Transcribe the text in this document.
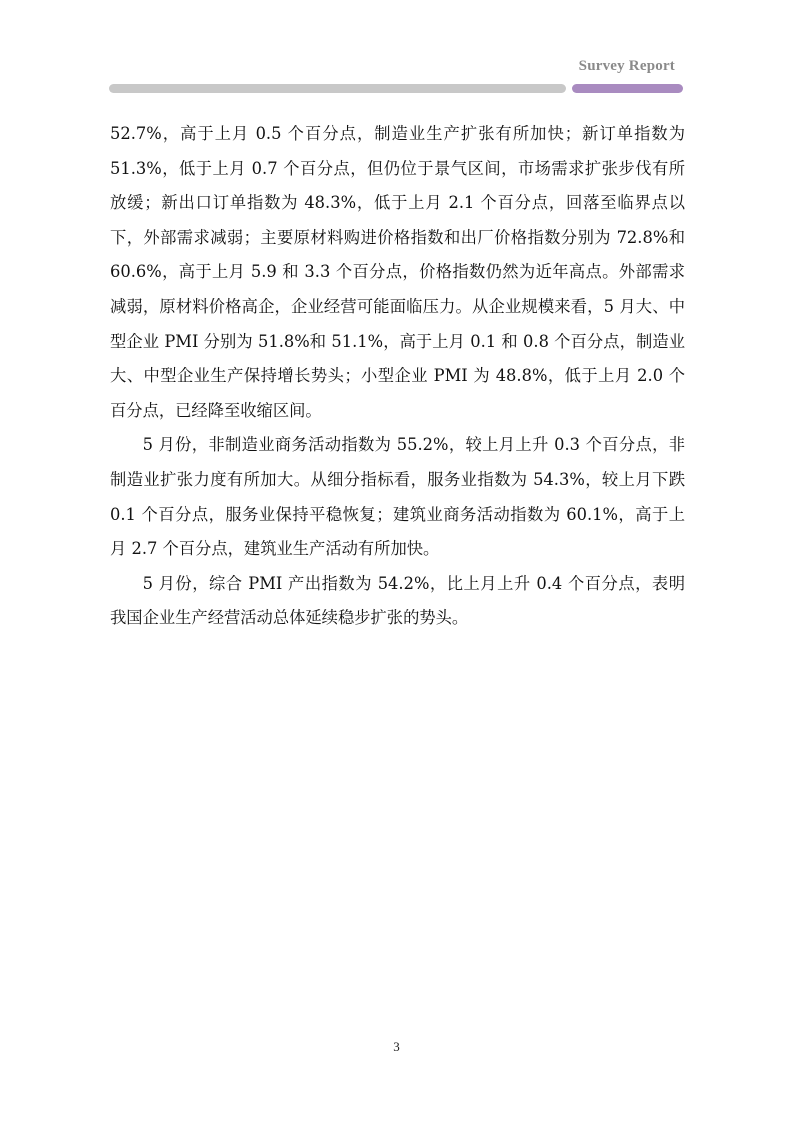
Survey Report

52.7%，高于上月 0.5 个百分点，制造业生产扩张有所加快；新订单指数为 51.3%，低于上月 0.7 个百分点，但仍位于景气区间，市场需求扩张步伐有所放缓；新出口订单指数为 48.3%，低于上月 2.1 个百分点，回落至临界点以下，外部需求减弱；主要原材料购进价格指数和出厂价格指数分别为 72.8%和 60.6%，高于上月 5.9 和 3.3 个百分点，价格指数仍然为近年高点。外部需求减弱，原材料价格高企，企业经营可能面临压力。从企业规模来看，5 月大、中型企业 PMI 分别为 51.8%和 51.1%，高于上月 0.1 和 0.8 个百分点，制造业大、中型企业生产保持增长势头；小型企业 PMI 为 48.8%，低于上月 2.0 个百分点，已经降至收缩区间。

5 月份，非制造业商务活动指数为 55.2%，较上月上升 0.3 个百分点，非制造业扩张力度有所加大。从细分指标看，服务业指数为 54.3%，较上月下跌 0.1 个百分点，服务业保持平稳恢复；建筑业商务活动指数为 60.1%，高于上月 2.7 个百分点，建筑业生产活动有所加快。

5 月份，综合 PMI 产出指数为 54.2%，比上月上升 0.4 个百分点，表明我国企业生产经营活动总体延续稳步扩张的势头。

3
